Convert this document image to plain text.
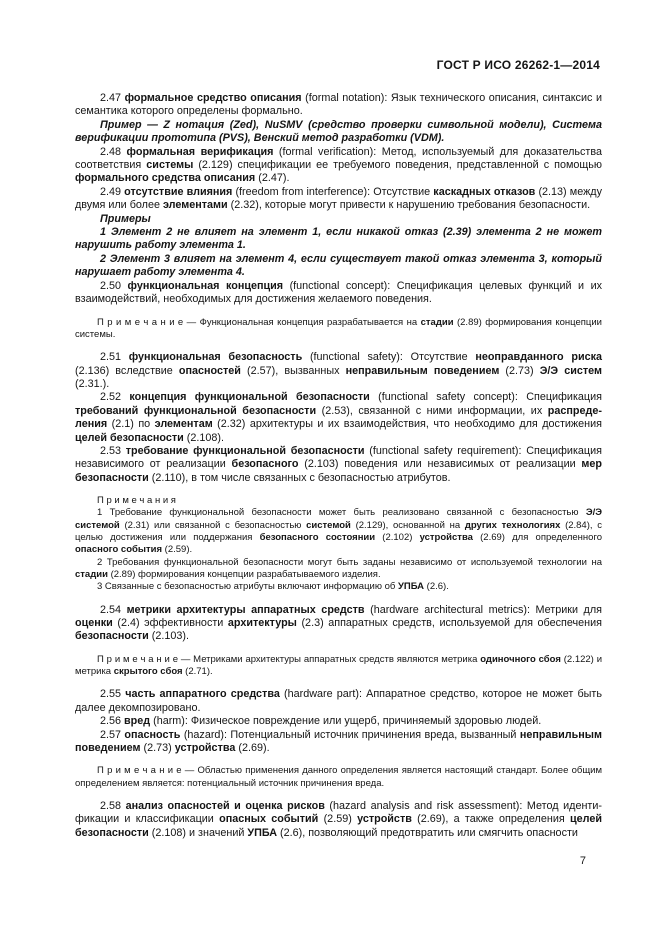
ГОСТ Р ИСО 26262-1—2014

2.47 формальное средство описания (formal notation): Язык технического описания, синтаксис и семантика которого определены формально.

Пример — Z нотация (Zed), NuSMV (средство проверки символьной модели), Система верификации прототипа (PVS), Венский метод разработки (VDM).

2.48 формальная верификация (formal verification): Метод, используемый для доказательства соответствия системы (2.129) спецификации ее требуемого поведения, представленной с помощью формального средства описания (2.47).

2.49 отсутствие влияния (freedom from interference): Отсутствие каскадных отказов (2.13) между двумя или более элементами (2.32), которые могут привести к нарушению требования безопасности.

Примеры

1 Элемент 2 не влияет на элемент 1, если никакой отказ (2.39) элемента 2 не может нарушить работу элемента 1.

2 Элемент 3 влияет на элемент 4, если существует такой отказ элемента 3, который нарушает работу элемента 4.

2.50 функциональная концепция (functional concept): Спецификация целевых функций и их взаимодействий, необходимых для достижения желаемого поведения.

П р и м е ч а н и е — Функциональная концепция разрабатывается на стадии (2.89) формирования концепции системы.

2.51 функциональная безопасность (functional safety): Отсутствие неоправданного риска (2.136) вследствие опасностей (2.57), вызванных неправильным поведением (2.73) Э/Э систем (2.31.).

2.52 концепция функциональной безопасности (functional safety concept): Спецификация требований функциональной безопасности (2.53), связанной с ними информации, их распределения (2.1) по элементам (2.32) архитектуры и их взаимодействия, что необходимо для достижения целей безопасности (2.108).

2.53 требование функциональной безопасности (functional safety requirement): Спецификация независимого от реализации безопасного (2.103) поведения или независимых от реализации мер безопасности (2.110), в том числе связанных с безопасностью атрибутов.

П р и м е ч а н и я

1 Требование функциональной безопасности может быть реализовано связанной с безопасностью Э/Э системой (2.31) или связанной с безопасностью системой (2.129), основанной на других технологиях (2.84), с целью достижения или поддержания безопасного состоянии (2.102) устройства (2.69) для определенного опасного события (2.59).

2 Требования функциональной безопасности могут быть заданы независимо от используемой технологии на стадии (2.89) формирования концепции разрабатываемого изделия.

3 Связанные с безопасностью атрибуты включают информацию об УПБА (2.6).

2.54 метрики архитектуры аппаратных средств (hardware architectural metrics): Метрики для оценки (2.4) эффективности архитектуры (2.3) аппаратных средств, используемой для обеспечения безопасности (2.103).

П р и м е ч а н и е — Метриками архитектуры аппаратных средств являются метрика одиночного сбоя (2.122) и метрика скрытого сбоя (2.71).

2.55 часть аппаратного средства (hardware part): Аппаратное средство, которое не может быть далее декомпозировано.

2.56 вред (harm): Физическое повреждение или ущерб, причиняемый здоровью людей.

2.57 опасность (hazard): Потенциальный источник причинения вреда, вызванный неправильным поведением (2.73) устройства (2.69).

П р и м е ч а н и е — Областью применения данного определения является настоящий стандарт. Более общим определением является: потенциальный источник причинения вреда.

2.58 анализ опасностей и оценка рисков (hazard analysis and risk assessment): Метод идентификации и классификации опасных событий (2.59) устройств (2.69), а также определения целей безопасности (2.108) и значений УПБА (2.6), позволяющий предотвратить или смягчить опасности

7
